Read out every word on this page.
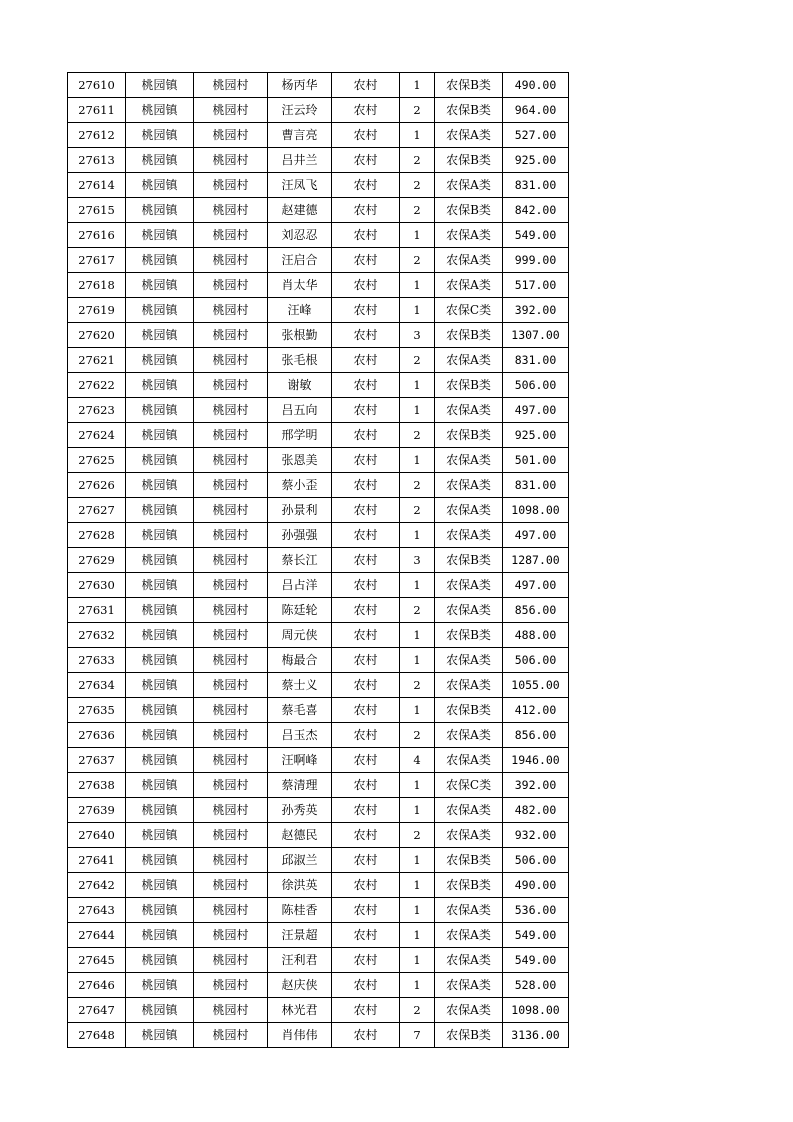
27610	桃园镇	桃园村	杨丙华	农村	1	农保B类	490.00
27611	桃园镇	桃园村	汪云玲	农村	2	农保B类	964.00
27612	桃园镇	桃园村	曹言亮	农村	1	农保A类	527.00
27613	桃园镇	桃园村	吕井兰	农村	2	农保B类	925.00
27614	桃园镇	桃园村	汪凤飞	农村	2	农保A类	831.00
27615	桃园镇	桃园村	赵建德	农村	2	农保B类	842.00
27616	桃园镇	桃园村	刘忍忍	农村	1	农保A类	549.00
27617	桃园镇	桃园村	汪启合	农村	2	农保A类	999.00
27618	桃园镇	桃园村	肖太华	农村	1	农保A类	517.00
27619	桃园镇	桃园村	汪峰	农村	1	农保C类	392.00
27620	桃园镇	桃园村	张根勤	农村	3	农保B类	1307.00
27621	桃园镇	桃园村	张毛根	农村	2	农保A类	831.00
27622	桃园镇	桃园村	谢敏	农村	1	农保B类	506.00
27623	桃园镇	桃园村	吕五向	农村	1	农保A类	497.00
27624	桃园镇	桃园村	邢学明	农村	2	农保B类	925.00
27625	桃园镇	桃园村	张恩美	农村	1	农保A类	501.00
27626	桃园镇	桃园村	蔡小歪	农村	2	农保A类	831.00
27627	桃园镇	桃园村	孙景利	农村	2	农保A类	1098.00
27628	桃园镇	桃园村	孙强强	农村	1	农保A类	497.00
27629	桃园镇	桃园村	蔡长江	农村	3	农保B类	1287.00
27630	桃园镇	桃园村	吕占洋	农村	1	农保A类	497.00
27631	桃园镇	桃园村	陈廷轮	农村	2	农保A类	856.00
27632	桃园镇	桃园村	周元侠	农村	1	农保B类	488.00
27633	桃园镇	桃园村	梅最合	农村	1	农保A类	506.00
27634	桃园镇	桃园村	蔡士义	农村	2	农保A类	1055.00
27635	桃园镇	桃园村	蔡毛喜	农村	1	农保B类	412.00
27636	桃园镇	桃园村	吕玉杰	农村	2	农保A类	856.00
27637	桃园镇	桃园村	汪啊峰	农村	4	农保A类	1946.00
27638	桃园镇	桃园村	蔡清理	农村	1	农保C类	392.00
27639	桃园镇	桃园村	孙秀英	农村	1	农保A类	482.00
27640	桃园镇	桃园村	赵德民	农村	2	农保A类	932.00
27641	桃园镇	桃园村	邱淑兰	农村	1	农保B类	506.00
27642	桃园镇	桃园村	徐洪英	农村	1	农保B类	490.00
27643	桃园镇	桃园村	陈桂香	农村	1	农保A类	536.00
27644	桃园镇	桃园村	汪景超	农村	1	农保A类	549.00
27645	桃园镇	桃园村	汪利君	农村	1	农保A类	549.00
27646	桃园镇	桃园村	赵庆侠	农村	1	农保A类	528.00
27647	桃园镇	桃园村	林光君	农村	2	农保A类	1098.00
27648	桃园镇	桃园村	肖伟伟	农村	7	农保B类	3136.00
